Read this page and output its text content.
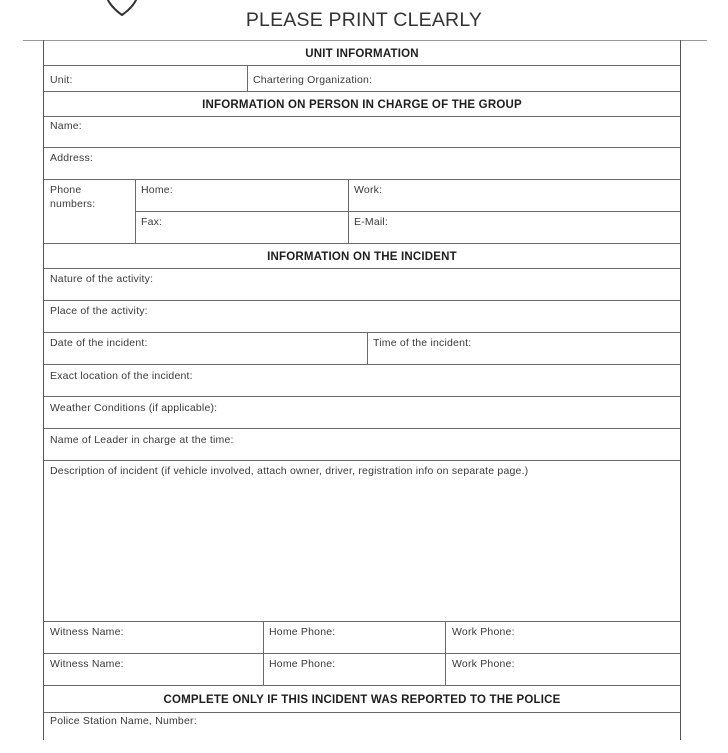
PLEASE PRINT CLEARLY
UNIT INFORMATION
Unit:	Chartering Organization:
INFORMATION ON PERSON IN CHARGE OF THE GROUP
Name:
Address:
Phone
numbers:
Home:	Work:
Fax:	E-Mail:
INFORMATION ON THE INCIDENT
Nature of the activity:
Place of the activity:
Date of the incident:	Time of the incident:
Exact location of the incident:
Weather Conditions (if applicable):
Name of Leader in charge at the time:
Description of incident (if vehicle involved, attach owner, driver, registration info on separate page.)
Witness Name:	Home Phone:	Work Phone:
Witness Name:	Home Phone:	Work Phone:
COMPLETE ONLY IF THIS INCIDENT WAS REPORTED TO THE POLICE
Police Station Name, Number:
